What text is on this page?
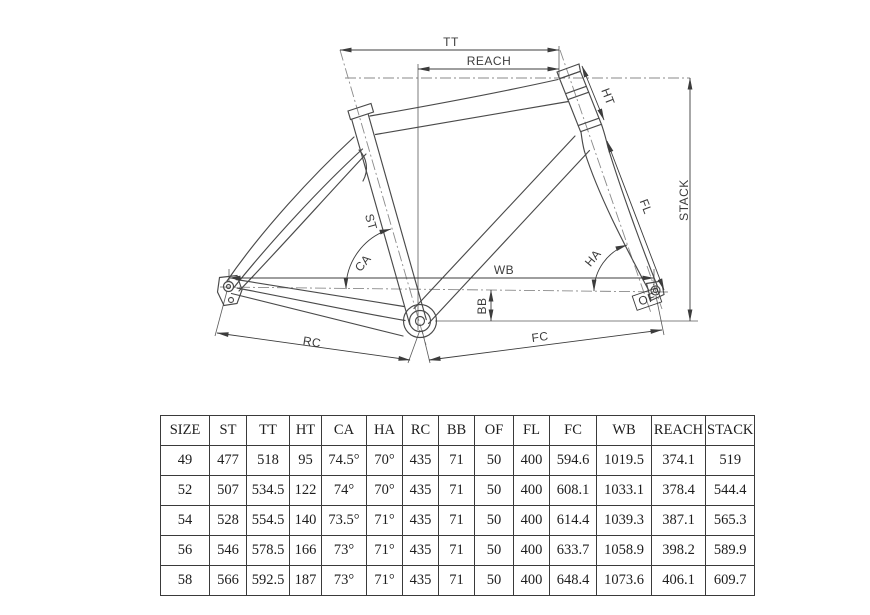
TT
REACH
HT
FL STACK
ST
CA	HA
WB
BB	OF
RC	FC
SIZE	ST	TT	HT	CA	HA	RC	BB	OF	FL	FC	WB	REACH	STACK
49	477	518	95	74.5°	70°	435	71	50	400	594.6	1019.5	374.1	519
52	507	534.5	122	74°	70°	435	71	50	400	608.1	1033.1	378.4	544.4
54	528	554.5	140	73.5°	71°	435	71	50	400	614.4	1039.3	387.1	565.3
56	546	578.5	166	73°	71°	435	71	50	400	633.7	1058.9	398.2	589.9
58	566	592.5	187	73°	71°	435	71	50	400	648.4	1073.6	406.1	609.7
